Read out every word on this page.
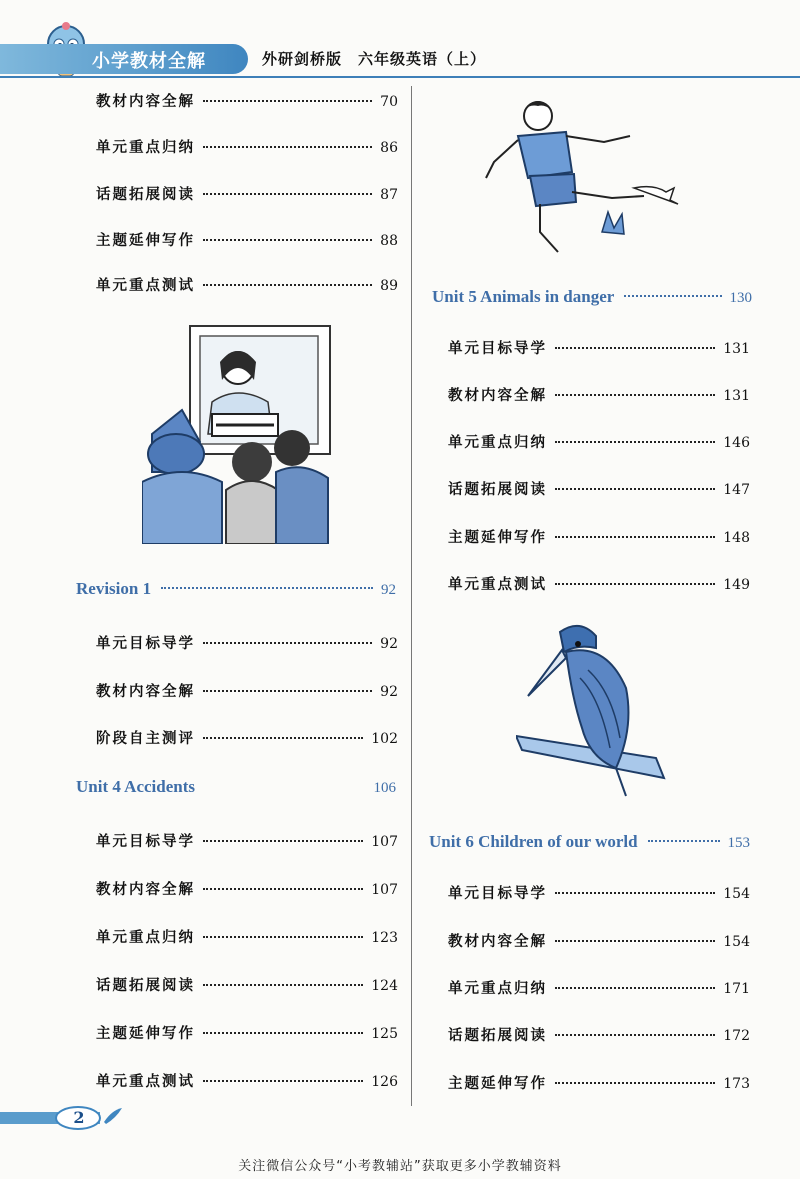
小学教材全解	外研剑桥版　六年级英语（上）
教材内容全解	70
单元重点归纳	86
话题拓展阅读	87
主题延伸写作	88
单元重点测试	89
Revision 1	92
单元目标导学	92
教材内容全解	92
阶段自主测评	102
Unit 4 Accidents	106
单元目标导学	107
教材内容全解	107
单元重点归纳	123
话题拓展阅读	124
主题延伸写作	125
单元重点测试	126
Unit 5 Animals in danger	130
单元目标导学	131
教材内容全解	131
单元重点归纳	146
话题拓展阅读	147
主题延伸写作	148
单元重点测试	149
Unit 6 Children of our world	153
单元目标导学	154
教材内容全解	154
单元重点归纳	171
话题拓展阅读	172
主题延伸写作	173
2
关注微信公众号“小考教辅站”获取更多小学教辅资料
